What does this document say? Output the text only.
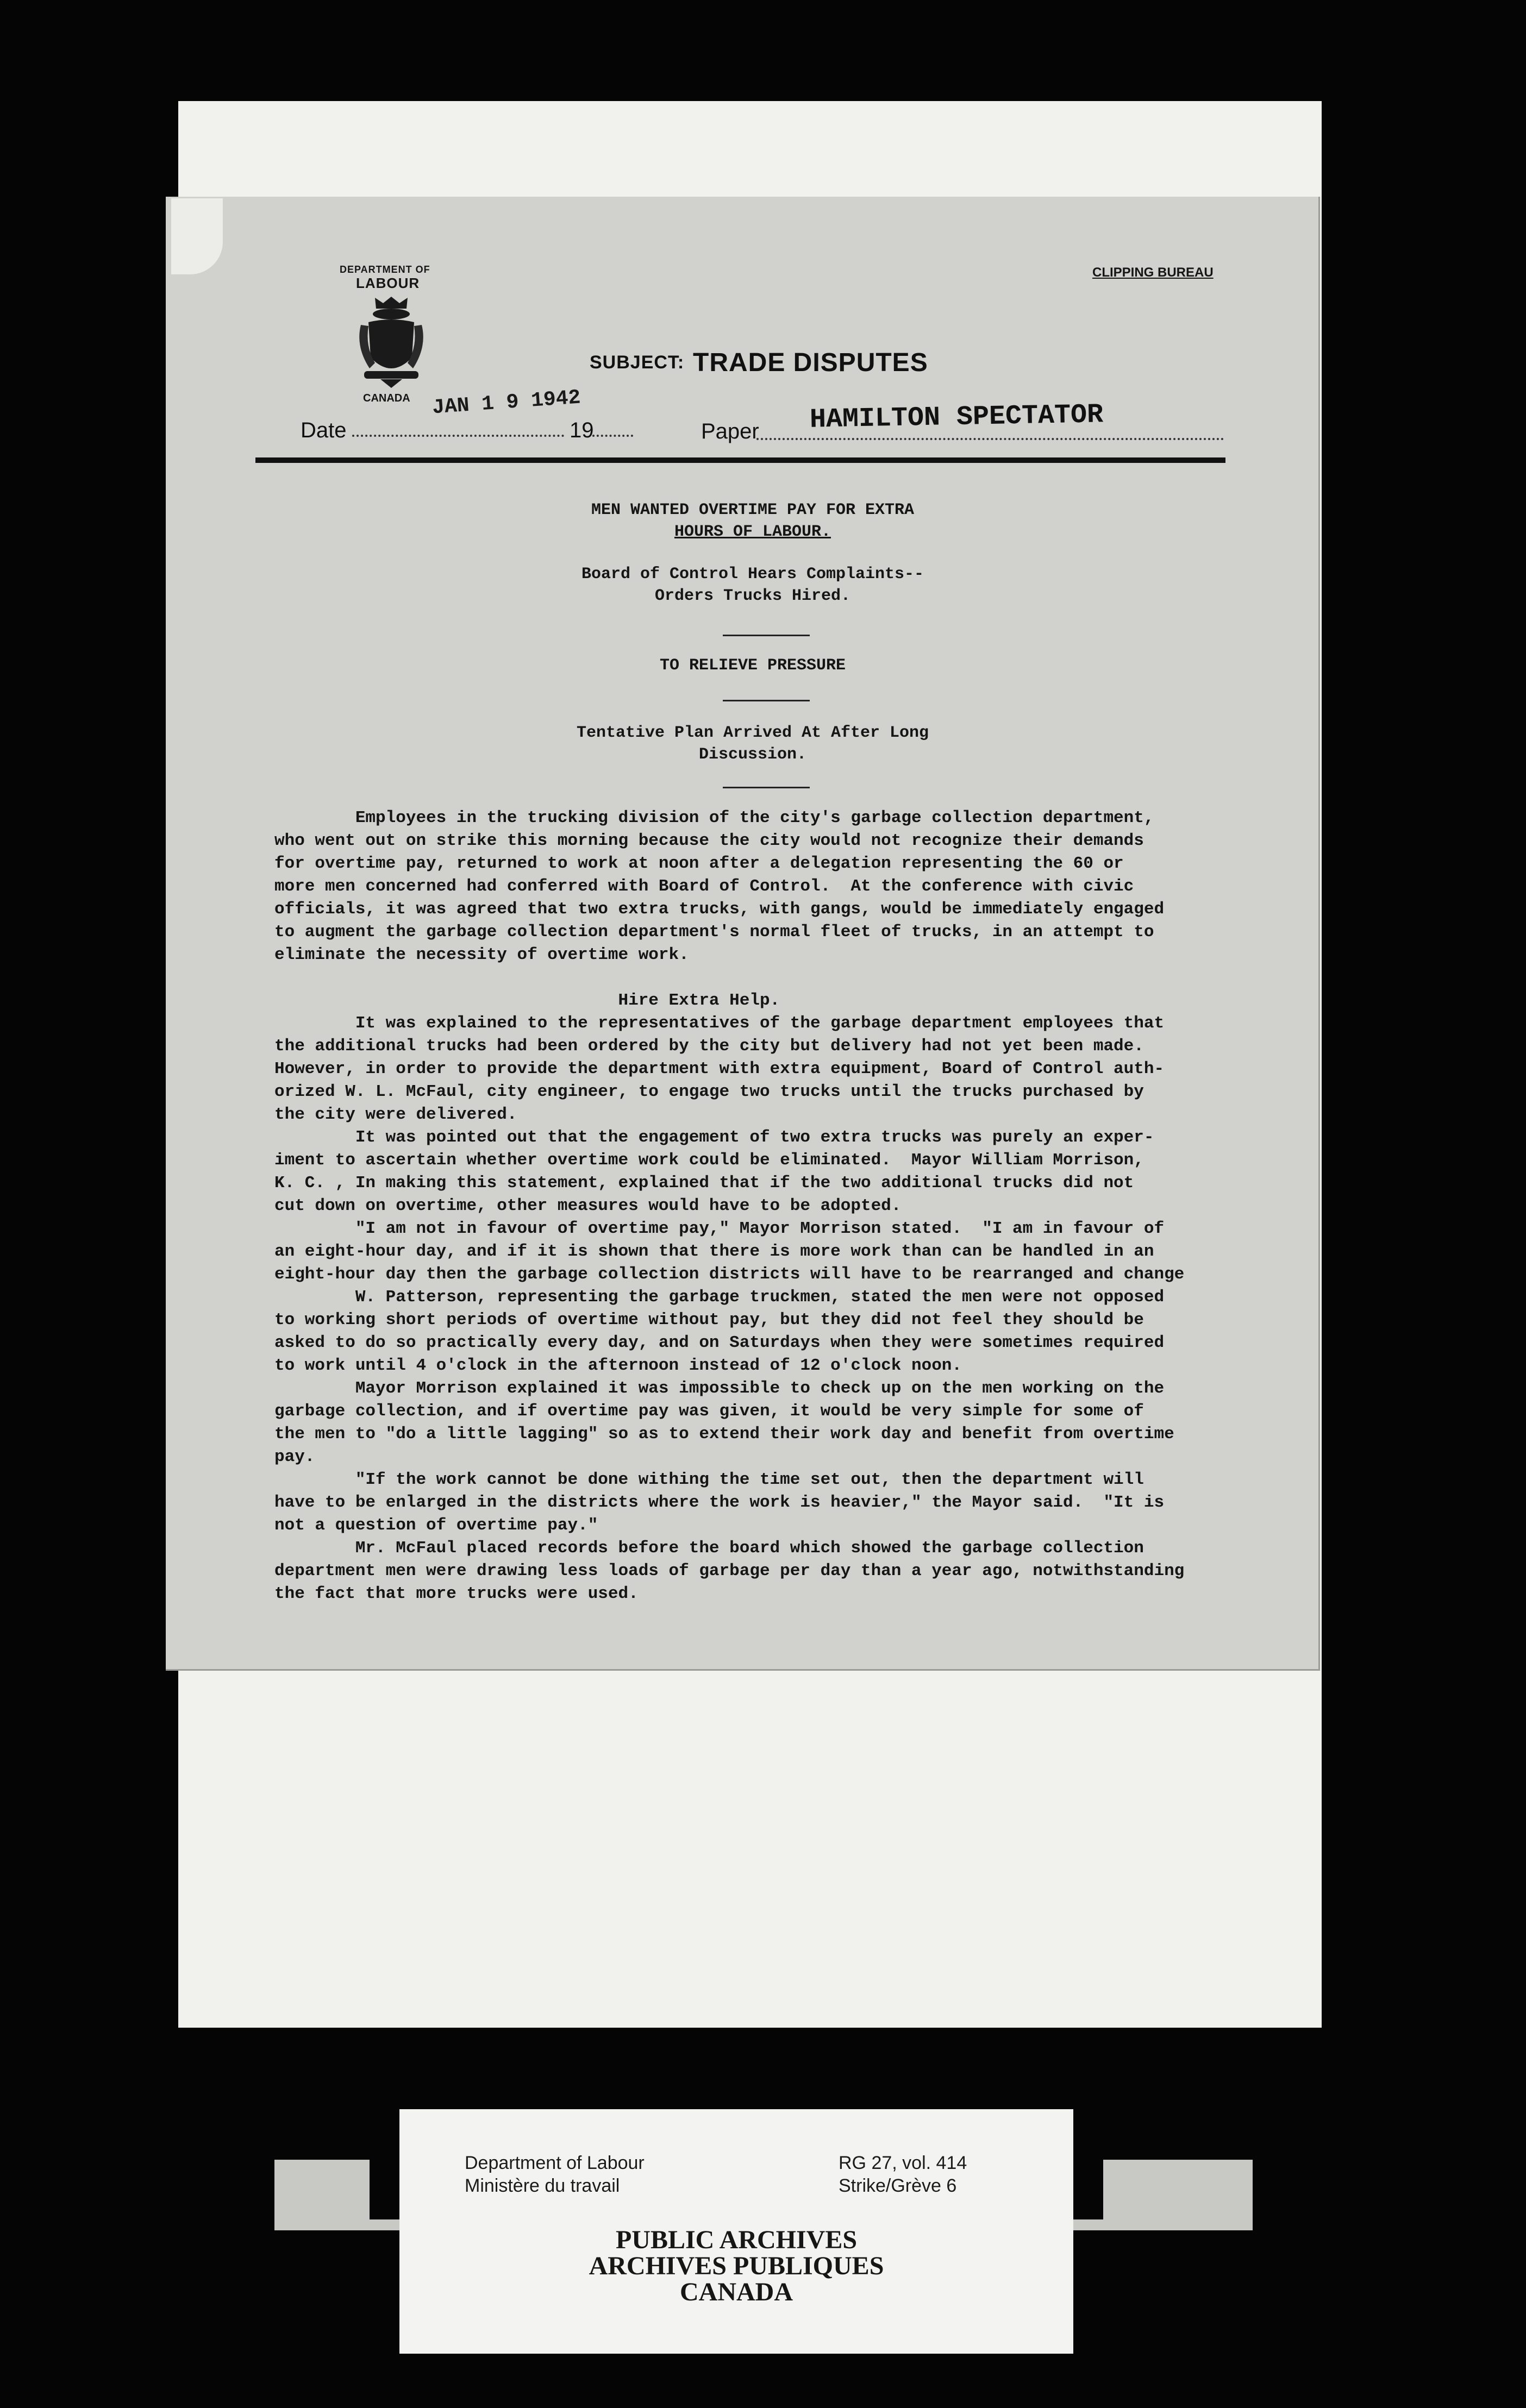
DEPARTMENT OF
LABOUR
CANADA
CLIPPING BUREAU
SUBJECT: TRADE DISPUTES
Date
JAN 1 9 1942
19	Paper HAMILTON SPECTATOR
MEN WANTED OVERTIME PAY FOR EXTRA
HOURS OF LABOUR.
Board of Control Hears Complaints--
Orders Trucks Hired.
TO RELIEVE PRESSURE
Tentative Plan Arrived At After Long
Discussion.
Employees in the trucking division of the city's garbage collection department,
who went out on strike this morning because the city would not recognize their demands
for overtime pay, returned to work at noon after a delegation representing the 60 or
more men concerned had conferred with Board of Control.  At the conference with civic
officials, it was agreed that two extra trucks, with gangs, would be immediately engaged
to augment the garbage collection department's normal fleet of trucks, in an attempt to
eliminate the necessity of overtime work.

Hire Extra Help.
It was explained to the representatives of the garbage department employees that
the additional trucks had been ordered by the city but delivery had not yet been made.
However, in order to provide the department with extra equipment, Board of Control auth-
orized W. L. McFaul, city engineer, to engage two trucks until the trucks purchased by
the city were delivered.
It was pointed out that the engagement of two extra trucks was purely an exper-
iment to ascertain whether overtime work could be eliminated.  Mayor William Morrison,
K. C. , In making this statement, explained that if the two additional trucks did not
cut down on overtime, other measures would have to be adopted.
"I am not in favour of overtime pay," Mayor Morrison stated.  "I am in favour of
an eight-hour day, and if it is shown that there is more work than can be handled in an
eight-hour day then the garbage collection districts will have to be rearranged and change
W. Patterson, representing the garbage truckmen, stated the men were not opposed
to working short periods of overtime without pay, but they did not feel they should be
asked to do so practically every day, and on Saturdays when they were sometimes required
to work until 4 o'clock in the afternoon instead of 12 o'clock noon.
Mayor Morrison explained it was impossible to check up on the men working on the
garbage collection, and if overtime pay was given, it would be very simple for some of
the men to "do a little lagging" so as to extend their work day and benefit from overtime
pay.
"If the work cannot be done withing the time set out, then the department will
have to be enlarged in the districts where the work is heavier," the Mayor said.  "It is
not a question of overtime pay."
Mr. McFaul placed records before the board which showed the garbage collection
department men were drawing less loads of garbage per day than a year ago, notwithstanding
the fact that more trucks were used.
Department of Labour
Ministère du travail
RG 27, vol. 414
Strike/Grève 6
PUBLIC ARCHIVES
ARCHIVES PUBLIQUES
CANADA
